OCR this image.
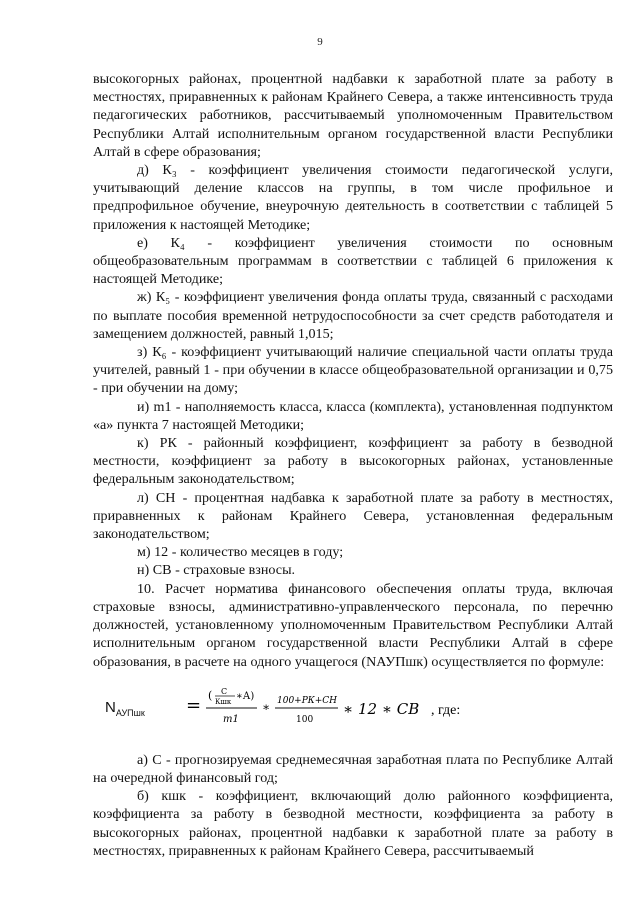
9

высокогорных районах, процентной надбавки к заработной плате за работу в местностях, приравненных к районам Крайнего Севера, а также интенсивность труда педагогических работников, рассчитываемый уполномоченным Правительством Республики Алтай исполнительным органом государственной власти Республики Алтай в сфере образования;

д) К₃ - коэффициент увеличения стоимости педагогической услуги, учитывающий деление классов на группы, в том числе профильное и предпрофильное обучение, внеурочную деятельность в соответствии с таблицей 5 приложения к настоящей Методике;

е) К₄ - коэффициент увеличения стоимости по основным общеобразовательным программам в соответствии с таблицей 6 приложения к настоящей Методике;

ж) К₅ - коэффициент увеличения фонда оплаты труда, связанный с расходами по выплате пособия временной нетрудоспособности за счет средств работодателя и замещением должностей, равный 1,015;

з) К₆ - коэффициент учитывающий наличие специальной части оплаты труда учителей, равный 1 - при обучении в классе общеобразовательной организации и 0,75 - при обучении на дому;

и) m1 - наполняемость класса, класса (комплекта), установленная подпунктом «а» пункта 7 настоящей Методики;

к) РК - районный коэффициент, коэффициент за работу в безводной местности, коэффициент за работу в высокогорных районах, установленные федеральным законодательством;

л) СН - процентная надбавка к заработной плате за работу в местностях, приравненных к районам Крайнего Севера, установленная федеральным законодательством;

м) 12 - количество месяцев в году;

н) СВ - страховые взносы.

10. Расчет норматива финансового обеспечения оплаты труда, включая страховые взносы, административно-управленческого персонала, по перечню должностей, установленному уполномоченным Правительством Республики Алтай исполнительным органом государственной власти Республики Алтай в сфере образования, в расчете на одного учащегося (NАУПшк) осуществляется по формуле:

$N_{АУПшк}$ = ( C
Кшк ∗А)
m1
∗ 100+РК+СН
100
∗ 12 ∗ СВ , где:

а) С - прогнозируемая среднемесячная заработная плата по Республике Алтай на очередной финансовый год;

б) кшк - коэффициент, включающий долю районного коэффициента, коэффициента за работу в безводной местности, коэффициента за работу в высокогорных районах, процентной надбавки к заработной плате за работу в местностях, приравненных к районам Крайнего Севера, рассчитываемый
